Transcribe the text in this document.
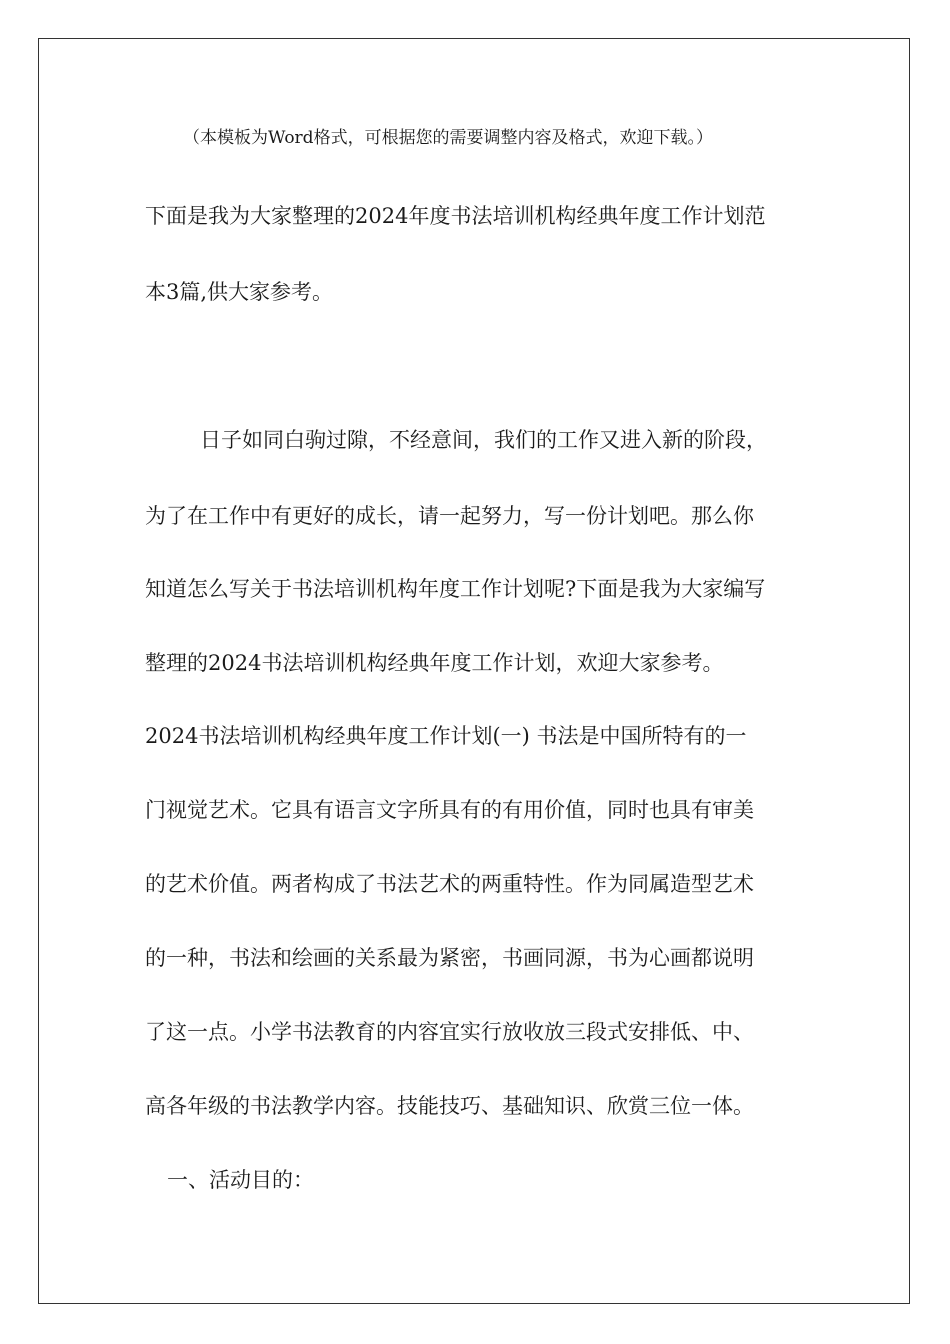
（本模板为Word格式，可根据您的需要调整内容及格式，欢迎下载。）
下面是我为大家整理的2024年度书法培训机构经典年度工作计划范
本3篇,供大家参考。
日子如同白驹过隙，不经意间，我们的工作又进入新的阶段，
为了在工作中有更好的成长，请一起努力，写一份计划吧。那么你
知道怎么写关于书法培训机构年度工作计划呢?下面是我为大家编写
整理的2024书法培训机构经典年度工作计划，欢迎大家参考。
2024书法培训机构经典年度工作计划(一) 书法是中国所特有的一
门视觉艺术。它具有语言文字所具有的有用价值，同时也具有审美
的艺术价值。两者构成了书法艺术的两重特性。作为同属造型艺术
的一种，书法和绘画的关系最为紧密，书画同源，书为心画都说明
了这一点。小学书法教育的内容宜实行放收放三段式安排低、中、
高各年级的书法教学内容。技能技巧、基础知识、欣赏三位一体。
一、活动目的：
